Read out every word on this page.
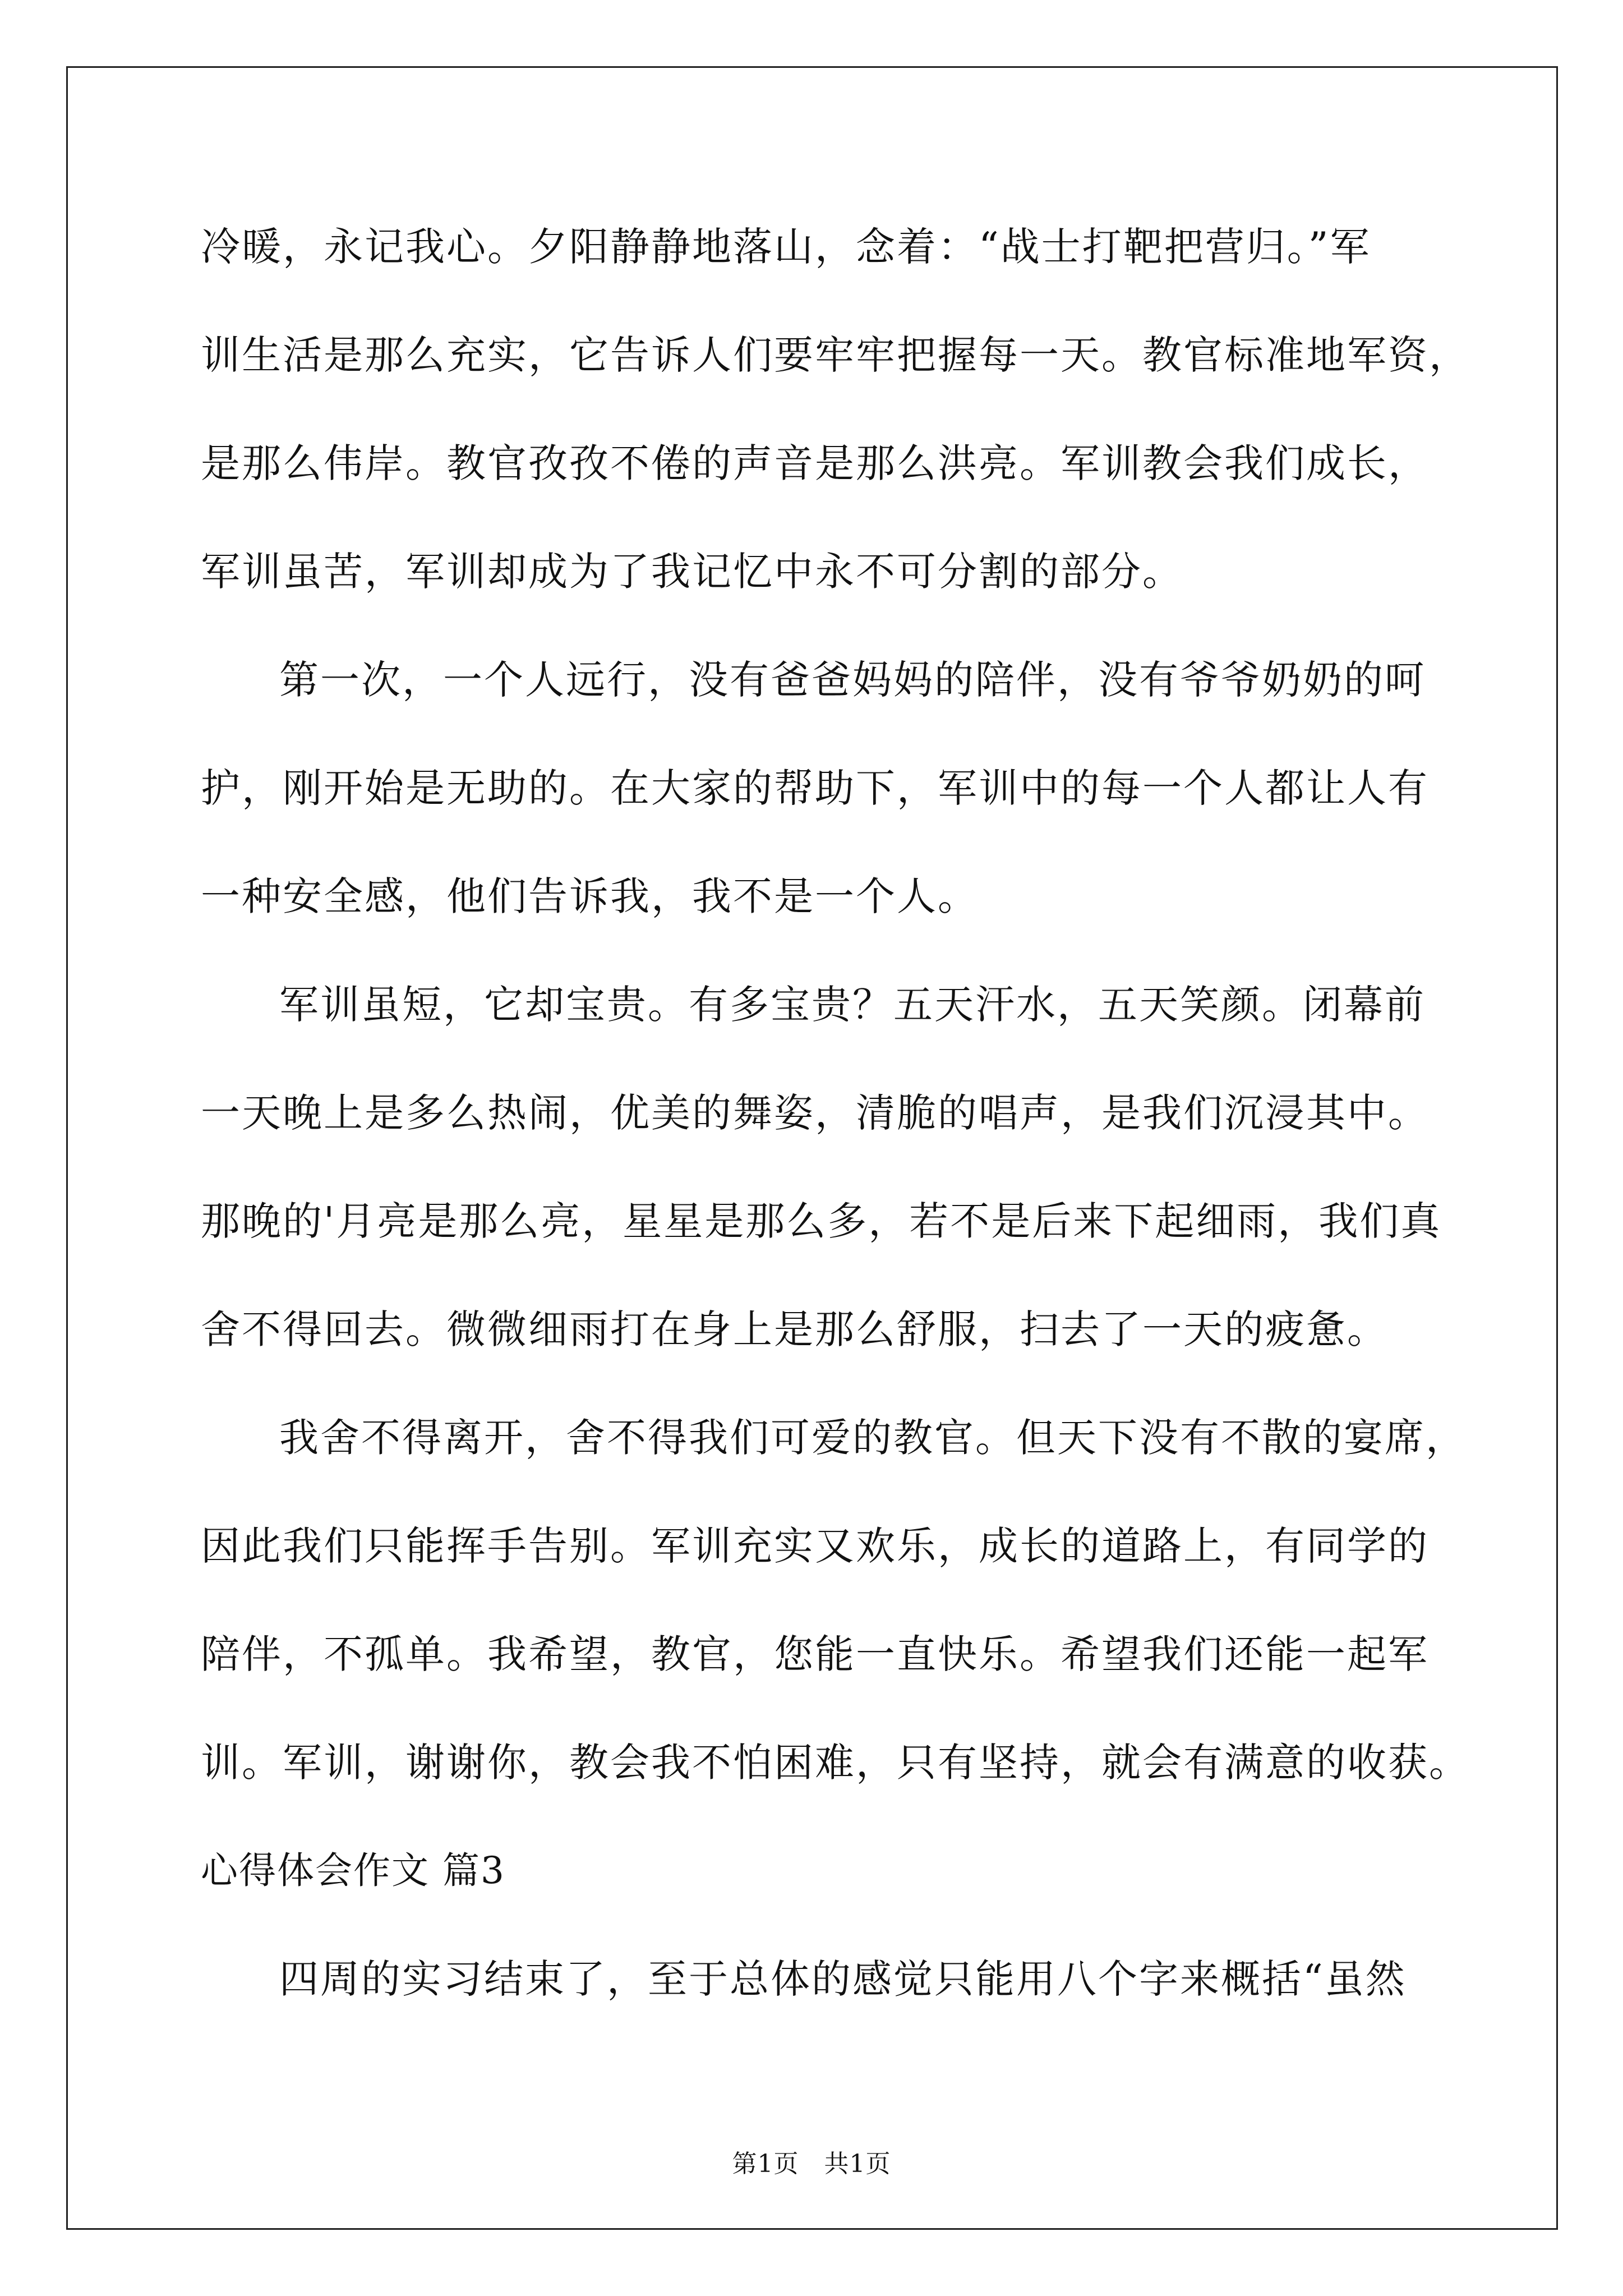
冷暖，永记我心。夕阳静静地落山，念着：“战士打靶把营归。”军
训生活是那么充实，它告诉人们要牢牢把握每一天。教官标准地军资，
是那么伟岸。教官孜孜不倦的声音是那么洪亮。军训教会我们成长，
军训虽苦，军训却成为了我记忆中永不可分割的部分。
第一次，一个人远行，没有爸爸妈妈的陪伴，没有爷爷奶奶的呵
护，刚开始是无助的。在大家的帮助下，军训中的每一个人都让人有
一种安全感，他们告诉我，我不是一个人。
军训虽短，它却宝贵。有多宝贵？五天汗水，五天笑颜。闭幕前
一天晚上是多么热闹，优美的舞姿，清脆的唱声，是我们沉浸其中。
那晚的'月亮是那么亮，星星是那么多，若不是后来下起细雨，我们真
舍不得回去。微微细雨打在身上是那么舒服，扫去了一天的疲惫。
我舍不得离开，舍不得我们可爱的教官。但天下没有不散的宴席，
因此我们只能挥手告别。军训充实又欢乐，成长的道路上，有同学的
陪伴，不孤单。我希望，教官，您能一直快乐。希望我们还能一起军
训。军训，谢谢你，教会我不怕困难，只有坚持，就会有满意的收获。
心得体会作文 篇3
四周的实习结束了，至于总体的感觉只能用八个字来概括“虽然
第1页　共1页
